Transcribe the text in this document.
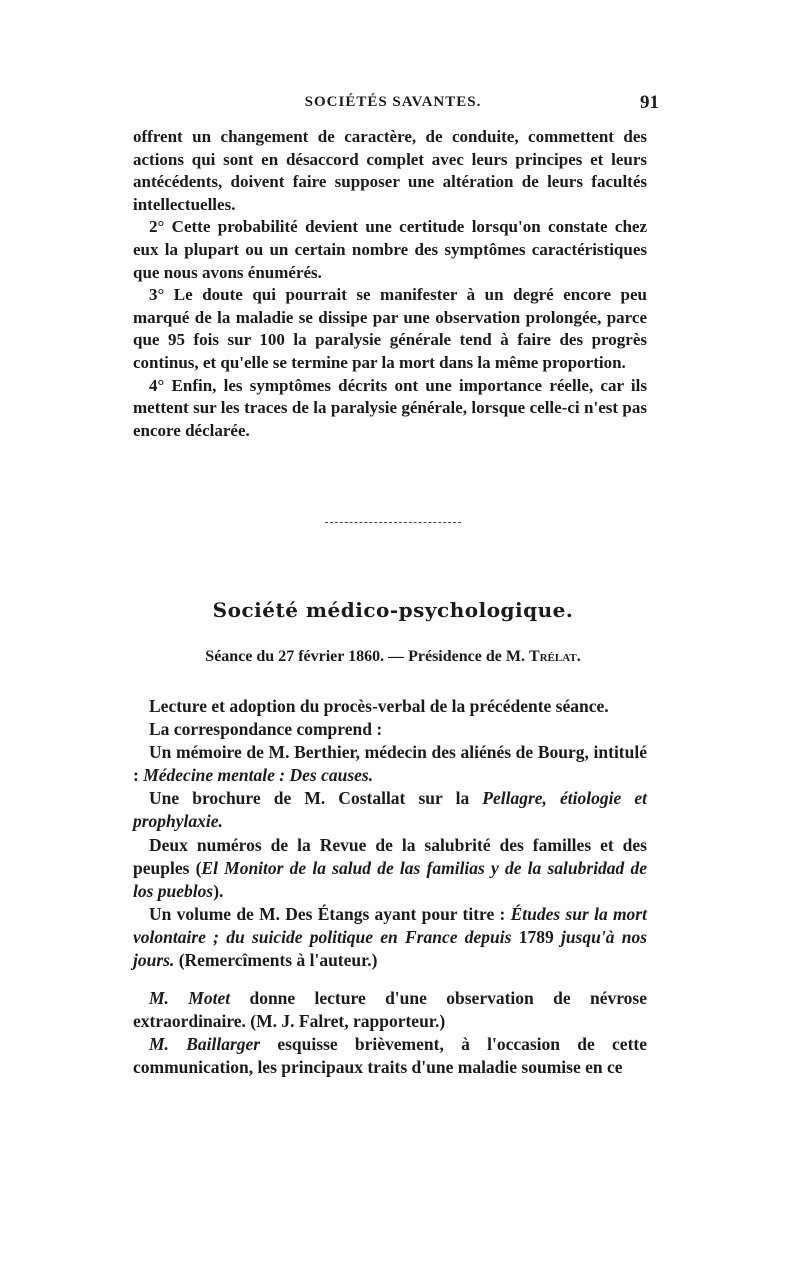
SOCIÉTÉS SAVANTES.	91

offrent un changement de caractère, de conduite, commettent des actions qui sont en désaccord complet avec leurs principes et leurs antécédents, doivent faire supposer une altération de leurs facultés intellectuelles.

2° Cette probabilité devient une certitude lorsqu'on constate chez eux la plupart ou un certain nombre des symptômes caractéristiques que nous avons énumérés.

3° Le doute qui pourrait se manifester à un degré encore peu marqué de la maladie se dissipe par une observation prolongée, parce que 95 fois sur 100 la paralysie générale tend à faire des progrès continus, et qu'elle se termine par la mort dans la même proportion.

4° Enfin, les symptômes décrits ont une importance réelle, car ils mettent sur les traces de la paralysie générale, lorsque celle-ci n'est pas encore déclarée.

Société médico-psychologique.
Séance du 27 février 1860. — Présidence de M. Trélat.

Lecture et adoption du procès-verbal de la précédente séance.

La correspondance comprend :

Un mémoire de M. Berthier, médecin des aliénés de Bourg, intitulé : Médecine mentale : Des causes.

Une brochure de M. Costallat sur la Pellagre, étiologie et prophylaxie.

Deux numéros de la Revue de la salubrité des familles et des peuples (El Monitor de la salud de las familias y de la salubridad de los pueblos).

Un volume de M. Des Étangs ayant pour titre : Études sur la mort volontaire ; du suicide politique en France depuis 1789 jusqu'à nos jours. (Remercîments à l'auteur.)

M. Motet donne lecture d'une observation de névrose extraordinaire. (M. J. Falret, rapporteur.)

M. Baillarger esquisse brièvement, à l'occasion de cette communication, les principaux traits d'une maladie soumise en ce
